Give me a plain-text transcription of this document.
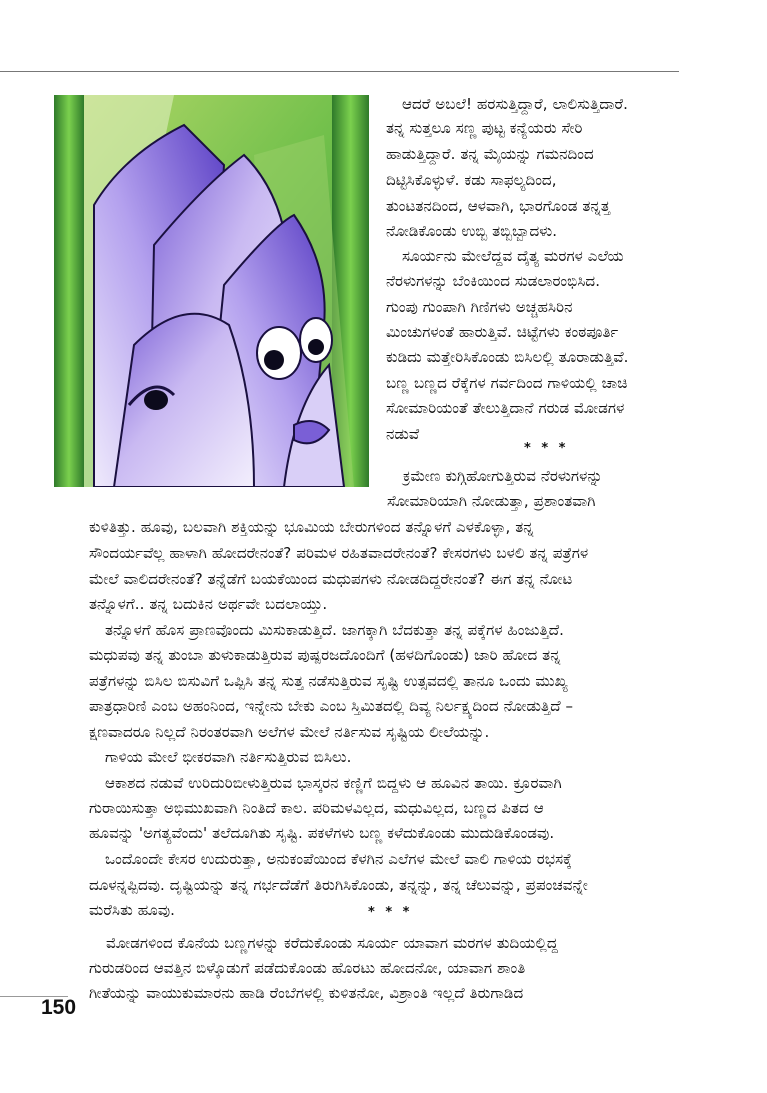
ಆದರೆ ಅಬಲೆ! ಹರಸುತ್ತಿದ್ದಾರೆ, ಲಾಲಿಸುತ್ತಿದಾರೆ.
ತನ್ನ ಸುತ್ತಲೂ ಸಣ್ಣ ಪುಟ್ಟ ಕನ್ಯೆಯರು ಸೇರಿ
ಹಾಡುತ್ತಿದ್ದಾರೆ. ತನ್ನ ಮೈಯನ್ನು ಗಮನದಿಂದ
ದಿಟ್ಟಿಸಿಕೊಳ್ಳುಳೆ. ಕಡು ಸಾಫಲ್ಯದಿಂದ,
ತುಂಟತನದಿಂದ, ಆಳವಾಗಿ, ಭಾರಗೊಂಡ ತನ್ನತ್ತ
ನೋಡಿಕೊಂಡು ಉಬ್ಬಿ ತಬ್ಬಿಬ್ಬಾದಳು.
ಸೂರ್ಯನು ಮೇಲೆದ್ದವ ದೈತ್ಯ ಮರಗಳ ಎಲೆಯ
ನೆರಳುಗಳನ್ನು ಬೆಂಕಿಯಿಂದ ಸುಡಲಾರಂಭಿಸಿದ.
ಗುಂಪು ಗುಂಪಾಗಿ ಗಿಣಿಗಳು ಅಚ್ಚಹಸಿರಿನ
ಮಿಂಚುಗಳಂತೆ ಹಾರುತ್ತಿವೆ. ಚಿಟ್ಟೆಗಳು ಕಂಠಪೂರ್ತಿ
ಕುಡಿದು ಮತ್ತೇರಿಸಿಕೊಂಡು ಬಿಸಿಲಲ್ಲಿ ತೂರಾಡುತ್ತಿವೆ.
ಬಣ್ಣ ಬಣ್ಣದ ರೆಕ್ಕೆಗಳ ಗರ್ವದಿಂದ ಗಾಳಿಯಲ್ಲಿ ಚಾಚಿ
ಸೋಮಾರಿಯಂತೆ ತೇಲುತ್ತಿದಾನೆ ಗರುಡ ಮೋಡಗಳ
ನಡುವೆ
* * *
ಕ್ರಮೇಣ ಕುಗ್ಗಿಹೋಗುತ್ತಿರುವ ನೆರಳುಗಳನ್ನು
ಸೋಮಾರಿಯಾಗಿ ನೋಡುತ್ತಾ, ಪ್ರಶಾಂತವಾಗಿ
ಕುಳಿತಿತ್ತು. ಹೂವು, ಬಲವಾಗಿ ಶಕ್ತಿಯನ್ನು ಭೂಮಿಯ ಬೇರುಗಳಿಂದ ತನ್ನೊಳಗೆ ಎಳಕೊಳ್ಳಾ, ತನ್ನ
ಸೌಂದರ್ಯವೆಲ್ಲ ಹಾಳಾಗಿ ಹೋದರೇನಂತೆ? ಪರಿಮಳ ರಹಿತವಾದರೇನಂತೆ? ಕೇಸರಗಳು ಬಳಲಿ ತನ್ನ ಪತ್ರೆಗಳ
ಮೇಲೆ ವಾಲಿದರೇನಂತೆ? ತನ್ನೆಡೆಗೆ ಬಯಕೆಯಿಂದ ಮಧುಪಗಳು ನೋಡದಿದ್ದರೇನಂತೆ? ಈಗ ತನ್ನ ನೋಟ
ತನ್ನೊಳಗೆ.. ತನ್ನ ಬದುಕಿನ ಅರ್ಥವೇ ಬದಲಾಯ್ತು.
ತನ್ನೊಳಗೆ ಹೊಸ ಪ್ರಾಣವೊಂದು ಮಿಸುಕಾಡುತ್ತಿದೆ. ಜಾಗಕ್ಕಾಗಿ ಬೆದಕುತ್ತಾ ತನ್ನ ಪಕ್ಕೆಗಳ ಹಿಂಜುತ್ತಿದೆ.
ಮಧುಪವು ತನ್ನ ತುಂಬಾ ತುಳುಕಾಡುತ್ತಿರುವ ಪುಷ್ಪರಜದೊಂದಿಗೆ (ಹಳದಿಗೊಂಡು) ಜಾರಿ ಹೋದ ತನ್ನ
ಪತ್ರೆಗಳನ್ನು ಬಿಸಿಲ ಬಿಸುವಿಗೆ ಒಪ್ಪಿಸಿ ತನ್ನ ಸುತ್ತ ನಡೆಸುತ್ತಿರುವ ಸೃಷ್ಟಿ ಉತ್ಸವದಲ್ಲಿ ತಾನೂ ಒಂದು ಮುಖ್ಯ
ಪಾತ್ರಧಾರಿಣಿ ಎಂಬ ಅಹಂನಿಂದ, ಇನ್ನೇನು ಬೇಕು ಎಂಬ ಸ್ತಿಮಿತದಲ್ಲಿ ದಿವ್ಯ ನಿರ್ಲಕ್ಷ್ಯದಿಂದ ನೋಡುತ್ತಿದೆ –
ಕ್ಷಣವಾದರೂ ನಿಲ್ಲದೆ ನಿರಂತರವಾಗಿ ಅಲೆಗಳ ಮೇಲೆ ನರ್ತಿಸುವ ಸೃಷ್ಟಿಯ ಲೀಲೆಯನ್ನು.
ಗಾಳಿಯ ಮೇಲೆ ಭೀಕರವಾಗಿ ನರ್ತಿಸುತ್ತಿರುವ ಬಿಸಿಲು.
ಆಕಾಶದ ನಡುವೆ ಉರಿದುರಿಬೀಳುತ್ತಿರುವ ಭಾಸ್ಕರನ ಕಣ್ಣಿಗೆ ಬಿದ್ದಳು ಆ ಹೂವಿನ ತಾಯಿ. ಕ್ರೂರವಾಗಿ
ಗುರಾಯಿಸುತ್ತಾ ಅಭಿಮುಖವಾಗಿ ನಿಂತಿದೆ ಕಾಲ. ಪರಿಮಳವಿಲ್ಲದ, ಮಧುವಿಲ್ಲದ, ಬಣ್ಣದ ಪಿತದ ಆ
ಹೂವನ್ನು 'ಅಗತ್ಯವೆಂದು' ತಲೆದೂಗಿತು ಸೃಷ್ಟಿ. ಪಕಳೆಗಳು ಬಣ್ಣ ಕಳೆದುಕೊಂಡು ಮುದುಡಿಕೊಂಡವು.
ಒಂದೊಂದೇ ಕೇಸರ ಉದುರುತ್ತಾ, ಅನುಕಂಪೆಯಿಂದ ಕೆಳಗಿನ ಎಲೆಗಳ ಮೇಲೆ ವಾಲಿ ಗಾಳಿಯ ರಭಸಕ್ಕೆ
ದೂಳನ್ನಪ್ಪಿದವು. ದೃಷ್ಟಿಯನ್ನು ತನ್ನ ಗರ್ಭದೆಡೆಗೆ ತಿರುಗಿಸಿಕೊಂಡು, ತನ್ನನ್ನು, ತನ್ನ ಚೆಲುವನ್ನು, ಪ್ರಪಂಚವನ್ನೇ
ಮರೆಸಿತು ಹೂವು.	* * *
ಮೋಡಗಳಿಂದ ಕೊನೆಯ ಬಣ್ಣಗಳನ್ನು ಕರೆದುಕೊಂಡು ಸೂರ್ಯ ಯಾವಾಗ ಮರಗಳ ತುದಿಯಲ್ಲಿದ್ದ
ಗುರುಡರಿಂದ ಆವತ್ತಿನ ಬಿಳ್ಕೊಡುಗೆ ಪಡೆದುಕೊಂಡು ಹೊರಟು ಹೋದನೋ, ಯಾವಾಗ ಶಾಂತಿ
ಗೀತೆಯನ್ನು ವಾಯುಕುಮಾರನು ಹಾಡಿ ರೆಂಬೆಗಳಲ್ಲಿ ಕುಳಿತನೋ, ವಿಶ್ರಾಂತಿ ಇಲ್ಲದೆ ತಿರುಗಾಡಿದ
150
